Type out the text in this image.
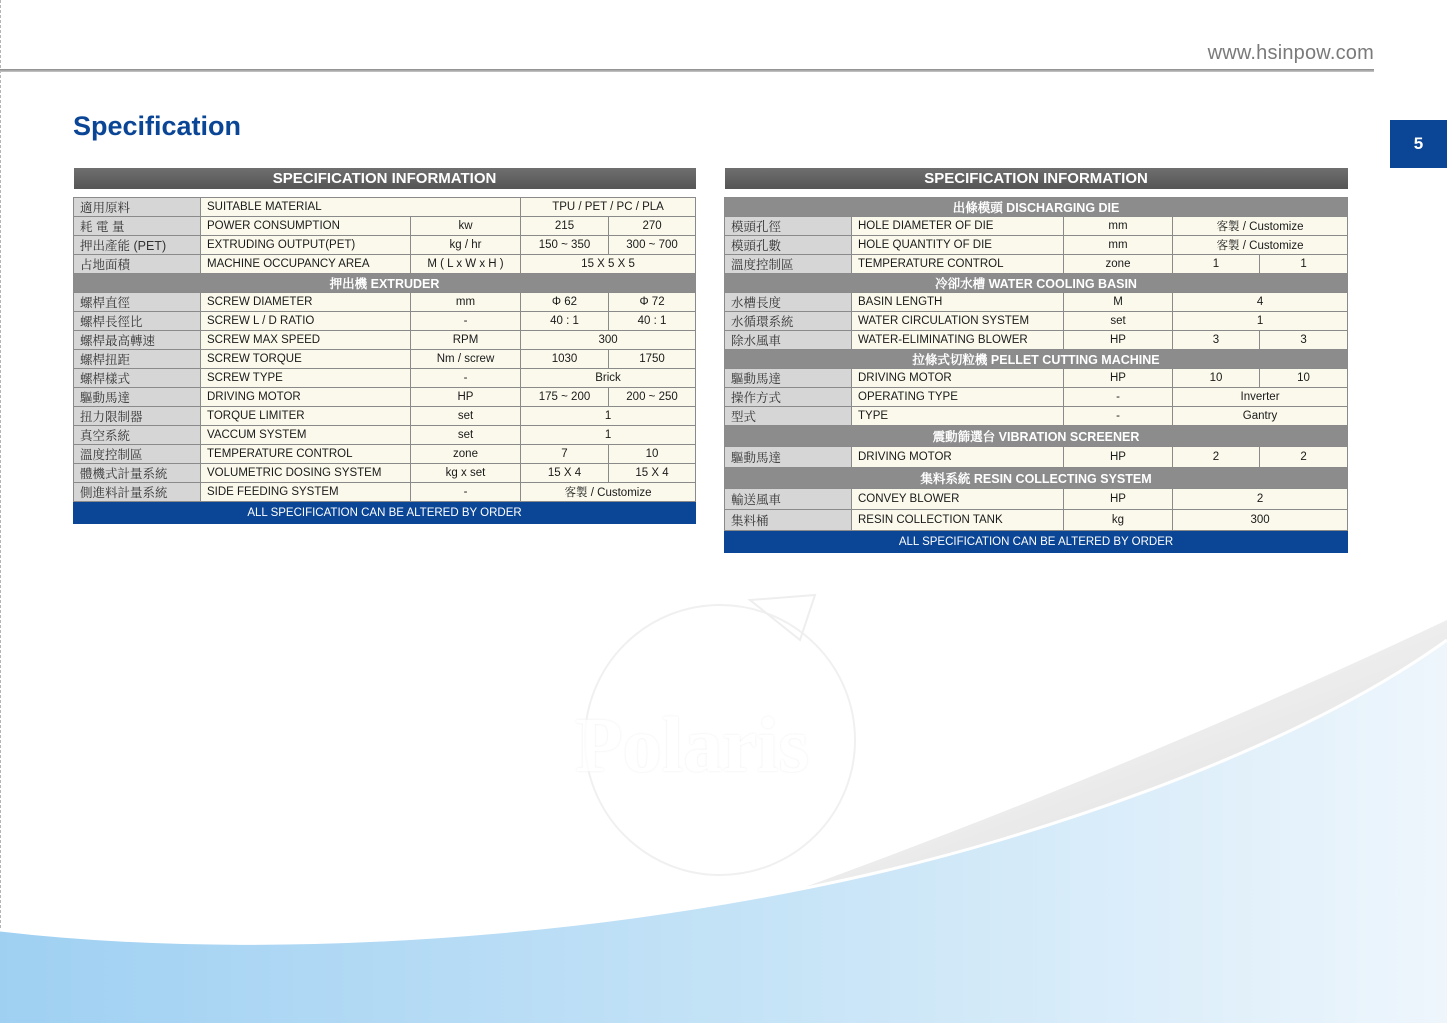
www.hsinpow.com
5
Specification
Polaris
SPECIFICATION INFORMATION				

適用原料	SUITABLE MATERIAL		TPU / PET / PC / PLA	
耗 電 量	POWER CONSUMPTION	kw	215	270
押出產能 (PET)	EXTRUDING OUTPUT(PET)	kg / hr	150 ~ 350	300 ~ 700
占地面積	MACHINE OCCUPANCY AREA	M ( L x W x H )	15 X 5 X 5	
押出機 EXTRUDER				
螺桿直徑	SCREW DIAMETER	mm	Φ 62	Φ 72
螺桿長徑比	SCREW L / D RATIO	-	40 : 1	40 : 1
螺桿最高轉速	SCREW MAX SPEED	RPM	300	
螺桿扭距	SCREW TORQUE	Nm / screw	1030	1750
螺桿樣式	SCREW TYPE	-	Brick	
驅動馬達	DRIVING MOTOR	HP	175 ~ 200	200 ~ 250
扭力限制器	TORQUE LIMITER	set	1	
真空系統	VACCUM SYSTEM	set	1	
溫度控制區	TEMPERATURE CONTROL	zone	7	10
體機式計量系統	VOLUMETRIC DOSING SYSTEM	kg x set	15 X 4	15 X 4
側進料計量系統	SIDE FEEDING SYSTEM	-	客製 / Customize	
ALL SPECIFICATION CAN BE ALTERED BY ORDER				
SPECIFICATION INFORMATION				

出條模頭 DISCHARGING DIE				
模頭孔徑	HOLE DIAMETER OF DIE	mm	客製 / Customize	
模頭孔數	HOLE QUANTITY OF DIE	mm	客製 / Customize	
溫度控制區	TEMPERATURE CONTROL	zone	1	1
冷卻水槽 WATER COOLING BASIN				
水槽長度	BASIN LENGTH	M	4	
水循環系統	WATER CIRCULATION SYSTEM	set	1	
除水風車	WATER-ELIMINATING BLOWER	HP	3	3
拉條式切粒機 PELLET CUTTING MACHINE				
驅動馬達	DRIVING MOTOR	HP	10	10
操作方式	OPERATING TYPE	-	Inverter	
型式	TYPE	-	Gantry	
震動篩選台 VIBRATION SCREENER				
驅動馬達	DRIVING MOTOR	HP	2	2
集料系統 RESIN COLLECTING SYSTEM				
輸送風車	CONVEY BLOWER	HP	2	
集料桶	RESIN COLLECTION TANK	kg	300	
ALL SPECIFICATION CAN BE ALTERED BY ORDER				
